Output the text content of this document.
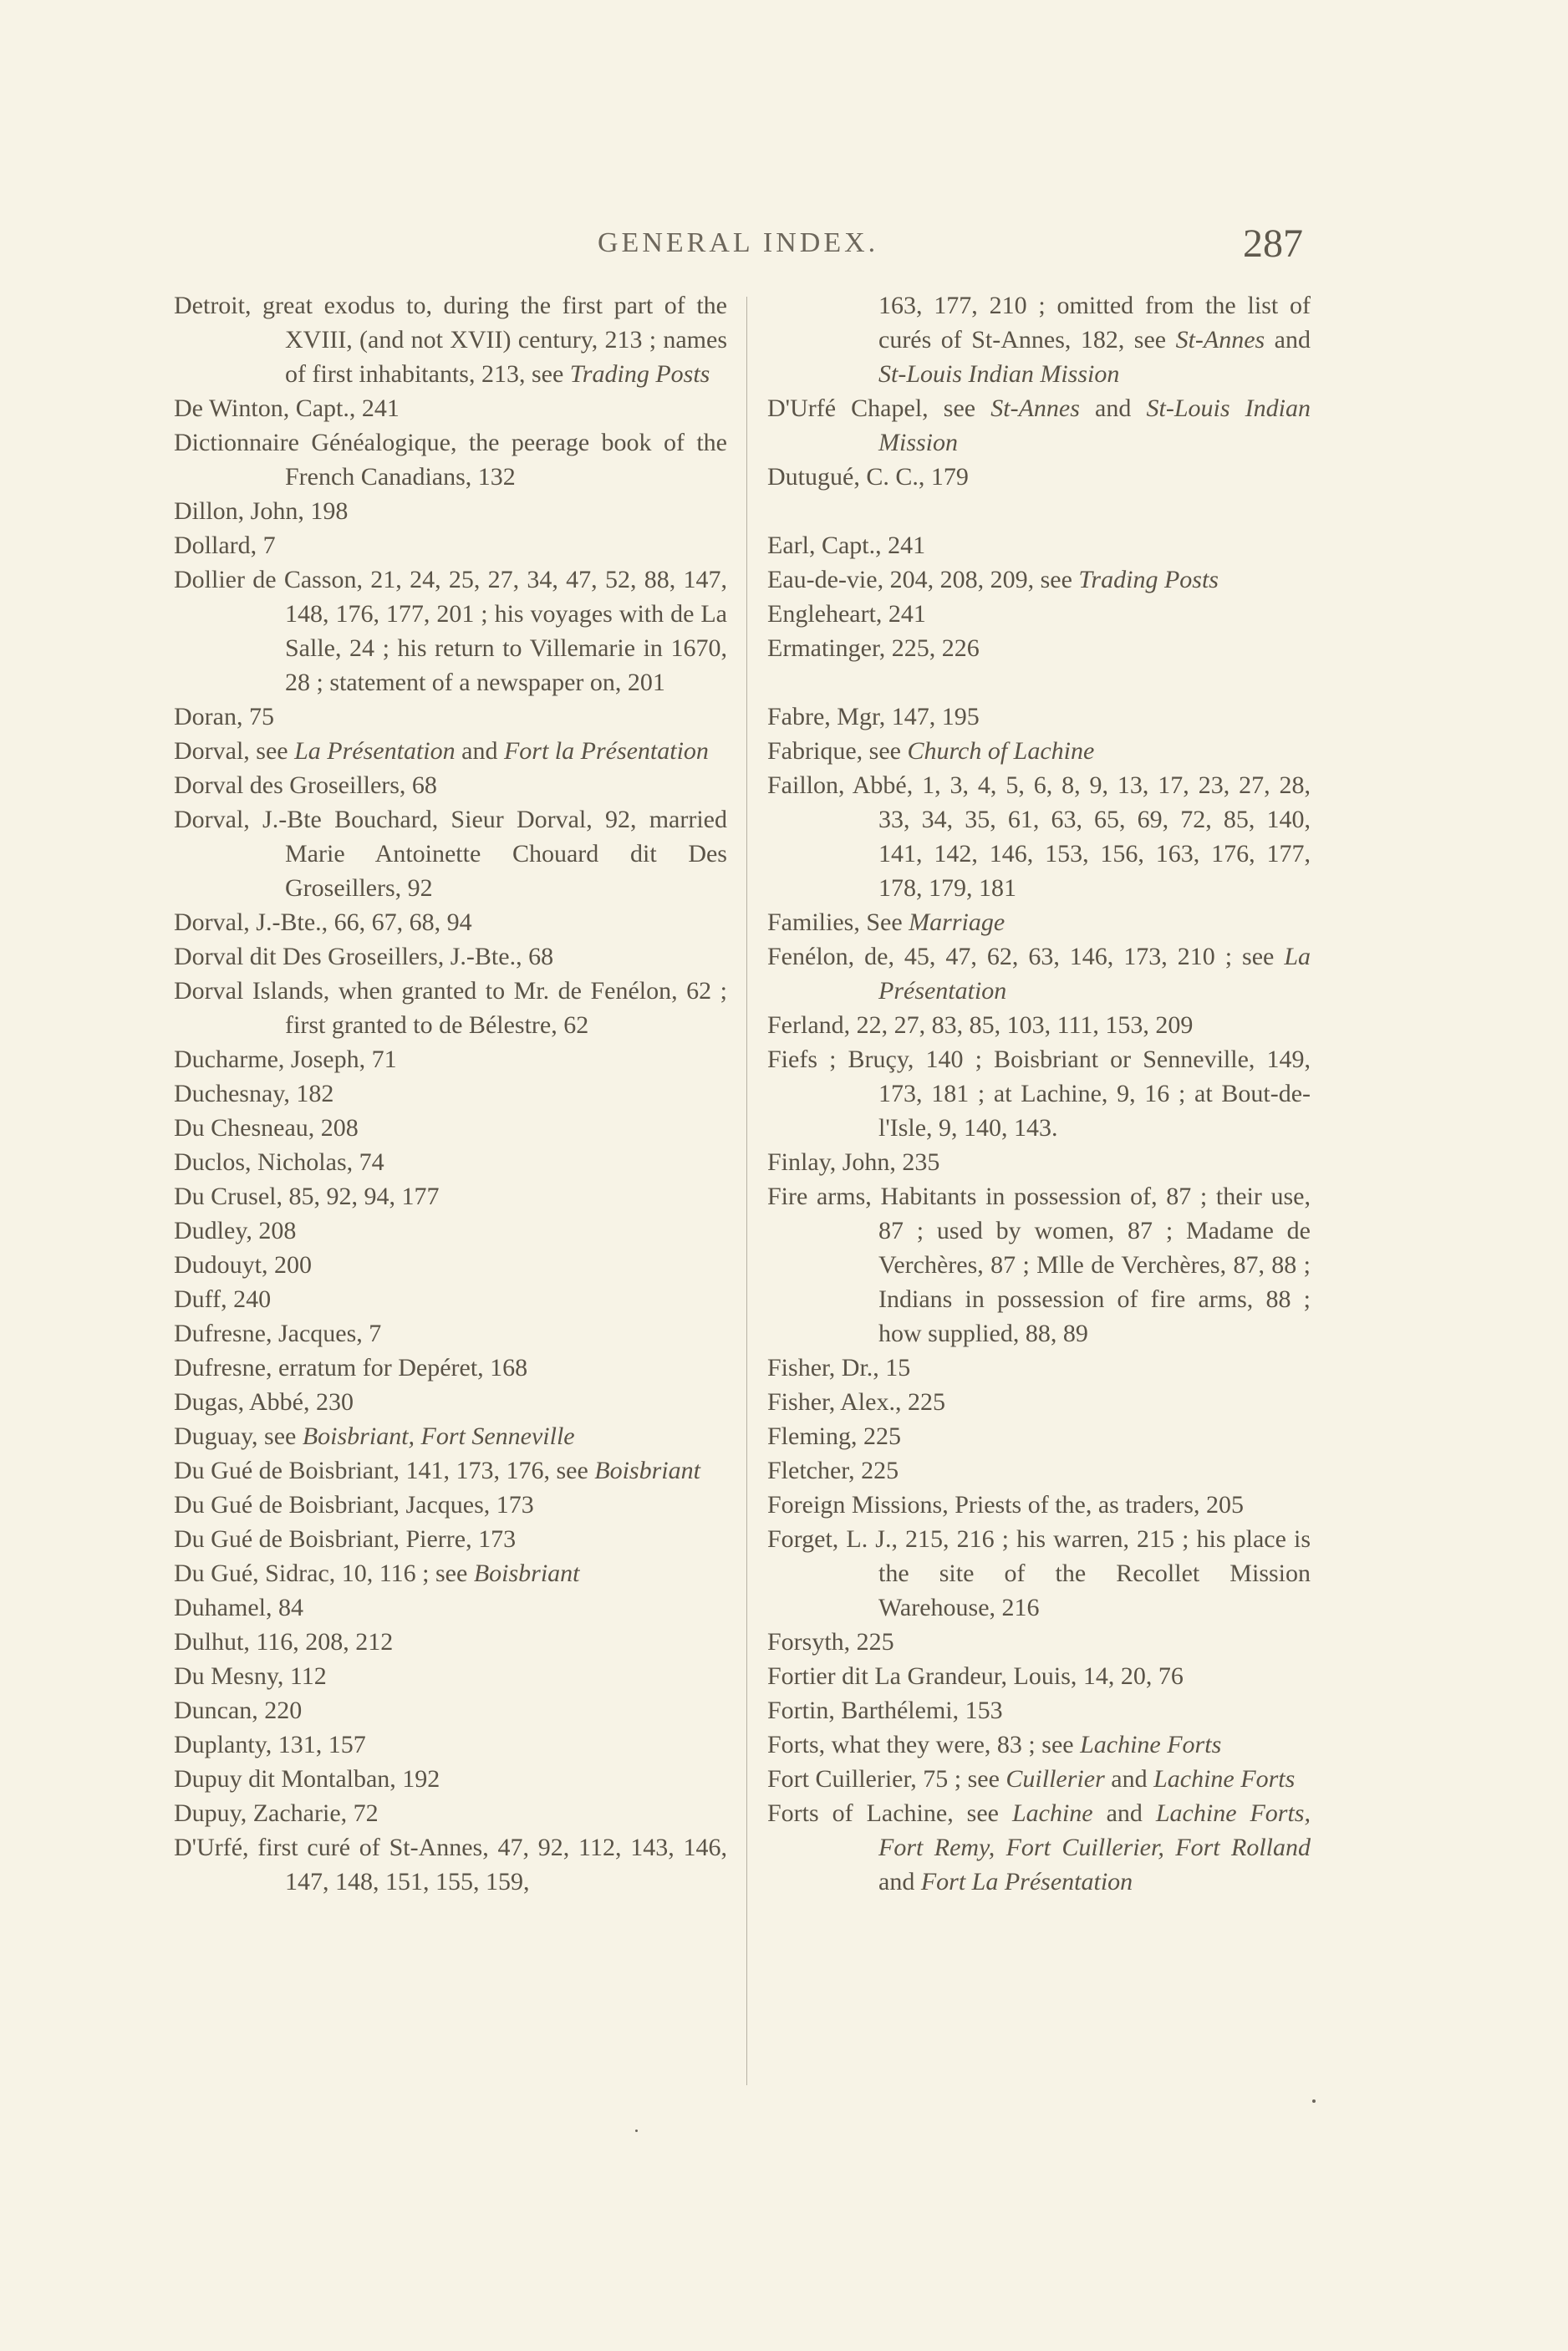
GENERAL INDEX.	287

Detroit, great exodus to, during the first part of the XVIII, (and not XVII) century, 213 ; names of first inhabitants, 213, see Trading Posts

De Winton, Capt., 241

Dictionnaire Généalogique, the peerage book of the French Canadians, 132

Dillon, John, 198

Dollard, 7

Dollier de Casson, 21, 24, 25, 27, 34, 47, 52, 88, 147, 148, 176, 177, 201 ; his voyages with de La Salle, 24 ; his return to Villemarie in 1670, 28 ; statement of a newspaper on, 201

Doran, 75

Dorval, see La Présentation and Fort la Présentation

Dorval des Groseillers, 68

Dorval, J.-Bte Bouchard, Sieur Dorval, 92, married Marie Antoinette Chouard dit Des Groseillers, 92

Dorval, J.-Bte., 66, 67, 68, 94

Dorval dit Des Groseillers, J.-Bte., 68

Dorval Islands, when granted to Mr. de Fenélon, 62 ; first granted to de Bélestre, 62

Ducharme, Joseph, 71

Duchesnay, 182

Du Chesneau, 208

Duclos, Nicholas, 74

Du Crusel, 85, 92, 94, 177

Dudley, 208

Dudouyt, 200

Duff, 240

Dufresne, Jacques, 7

Dufresne, erratum for Depéret, 168

Dugas, Abbé, 230

Duguay, see Boisbriant, Fort Senneville

Du Gué de Boisbriant, 141, 173, 176, see Boisbriant

Du Gué de Boisbriant, Jacques, 173

Du Gué de Boisbriant, Pierre, 173

Du Gué, Sidrac, 10, 116 ; see Boisbriant

Duhamel, 84

Dulhut, 116, 208, 212

Du Mesny, 112

Duncan, 220

Duplanty, 131, 157

Dupuy dit Montalban, 192

Dupuy, Zacharie, 72

D'Urfé, first curé of St-Annes, 47, 92, 112, 143, 146, 147, 148, 151, 155, 159,

163, 177, 210 ; omitted from the list of curés of St-Annes, 182, see St-Annes and St-Louis Indian Mission

D'Urfé Chapel, see St-Annes and St-Louis Indian Mission

Dutugué, C. C., 179

Earl, Capt., 241

Eau-de-vie, 204, 208, 209, see Trading Posts

Engleheart, 241

Ermatinger, 225, 226

Fabre, Mgr, 147, 195

Fabrique, see Church of Lachine

Faillon, Abbé, 1, 3, 4, 5, 6, 8, 9, 13, 17, 23, 27, 28, 33, 34, 35, 61, 63, 65, 69, 72, 85, 140, 141, 142, 146, 153, 156, 163, 176, 177, 178, 179, 181

Families, See Marriage

Fenélon, de, 45, 47, 62, 63, 146, 173, 210 ; see La Présentation

Ferland, 22, 27, 83, 85, 103, 111, 153, 209

Fiefs ; Bruçy, 140 ; Boisbriant or Senneville, 149, 173, 181 ; at Lachine, 9, 16 ; at Bout-de-l'Isle, 9, 140, 143.

Finlay, John, 235

Fire arms, Habitants in possession of, 87 ; their use, 87 ; used by women, 87 ; Madame de Verchères, 87 ; Mlle de Verchères, 87, 88 ; Indians in possession of fire arms, 88 ; how supplied, 88, 89

Fisher, Dr., 15

Fisher, Alex., 225

Fleming, 225

Fletcher, 225

Foreign Missions, Priests of the, as traders, 205

Forget, L. J., 215, 216 ; his warren, 215 ; his place is the site of the Recollet Mission Warehouse, 216

Forsyth, 225

Fortier dit La Grandeur, Louis, 14, 20, 76

Fortin, Barthélemi, 153

Forts, what they were, 83 ; see Lachine Forts

Fort Cuillerier, 75 ; see Cuillerier and Lachine Forts

Forts of Lachine, see Lachine and Lachine Forts, Fort Remy, Fort Cuillerier, Fort Rolland and Fort La Présentation
